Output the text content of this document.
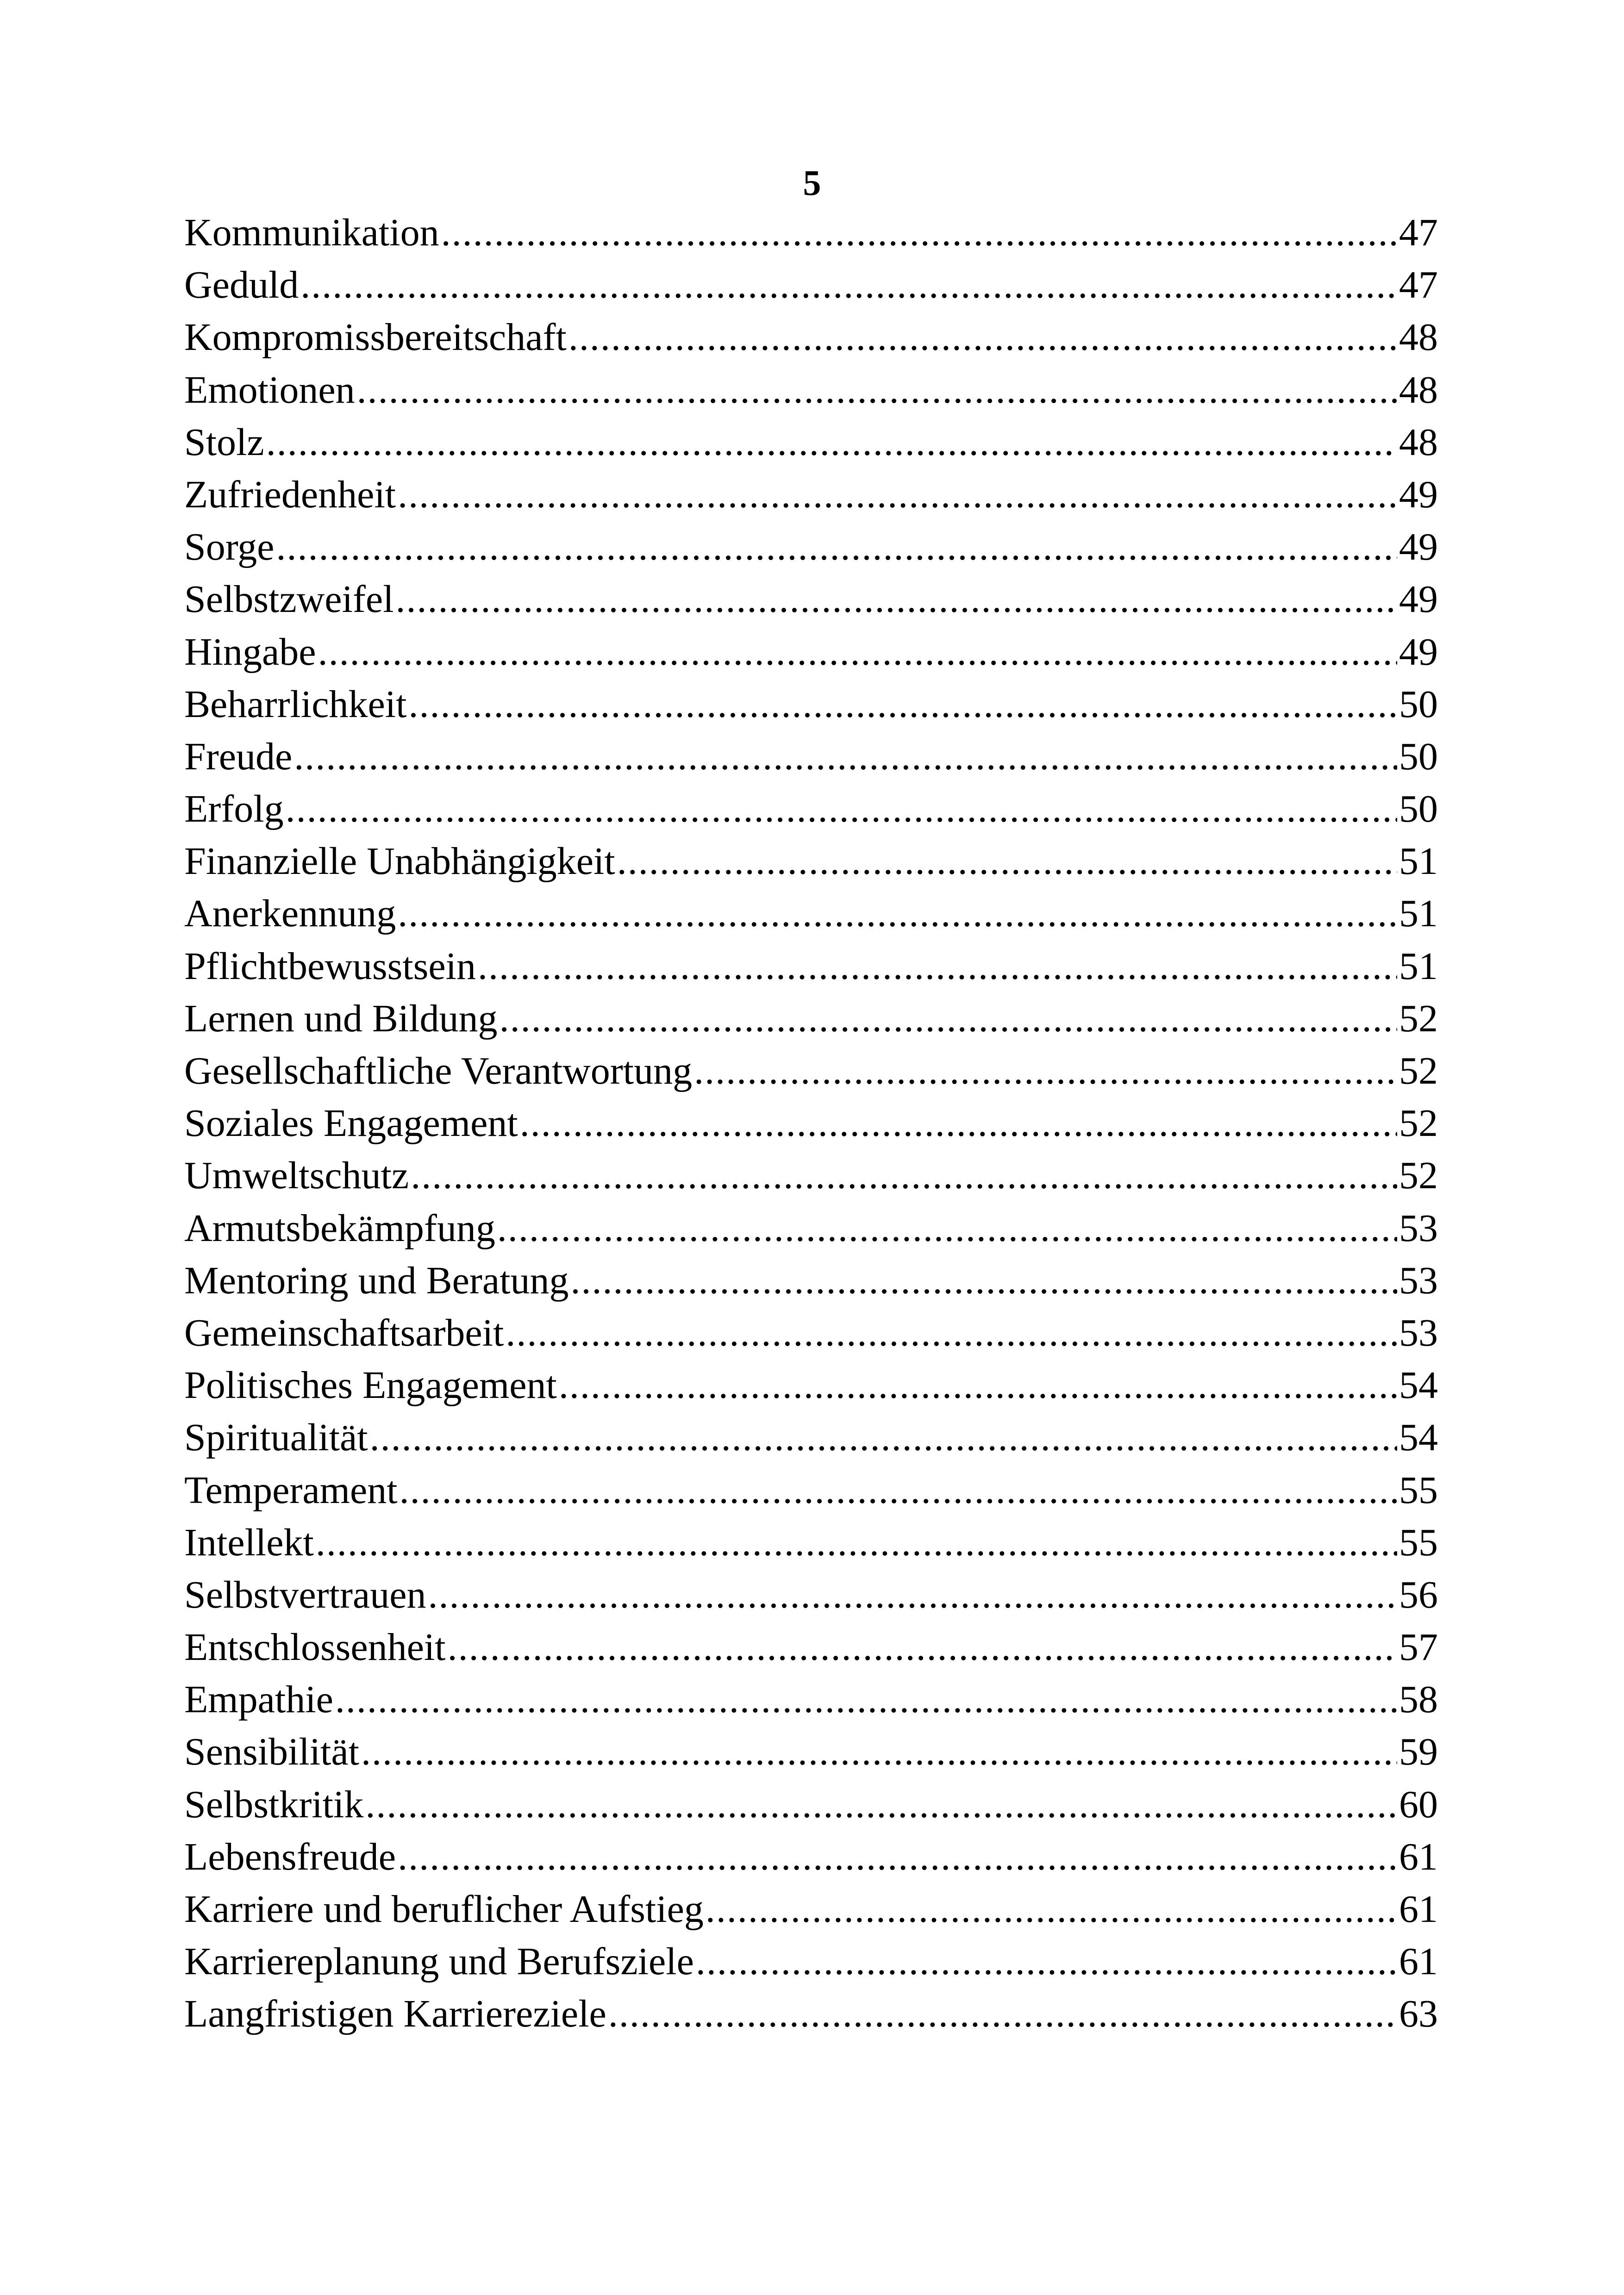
5
Kommunikation .....	47
Geduld .....	47
Kompromissbereitschaft .....	48
Emotionen .....	48
Stolz .....	48
Zufriedenheit .....	49
Sorge .....	49
Selbstzweifel .....	49
Hingabe .....	49
Beharrlichkeit .....	50
Freude .....	50
Erfolg .....	50
Finanzielle Unabhängigkeit .....	51
Anerkennung .....	51
Pflichtbewusstsein .....	51
Lernen und Bildung .....	52
Gesellschaftliche Verantwortung .....	52
Soziales Engagement .....	52
Umweltschutz .....	52
Armutsbekämpfung .....	53
Mentoring und Beratung .....	53
Gemeinschaftsarbeit .....	53
Politisches Engagement .....	54
Spiritualität .....	54
Temperament .....	55
Intellekt .....	55
Selbstvertrauen .....	56
Entschlossenheit .....	57
Empathie .....	58
Sensibilität .....	59
Selbstkritik .....	60
Lebensfreude .....	61
Karriere und beruflicher Aufstieg .....	61
Karriereplanung und Berufsziele .....	61
Langfristigen Karriereziele .....	63
